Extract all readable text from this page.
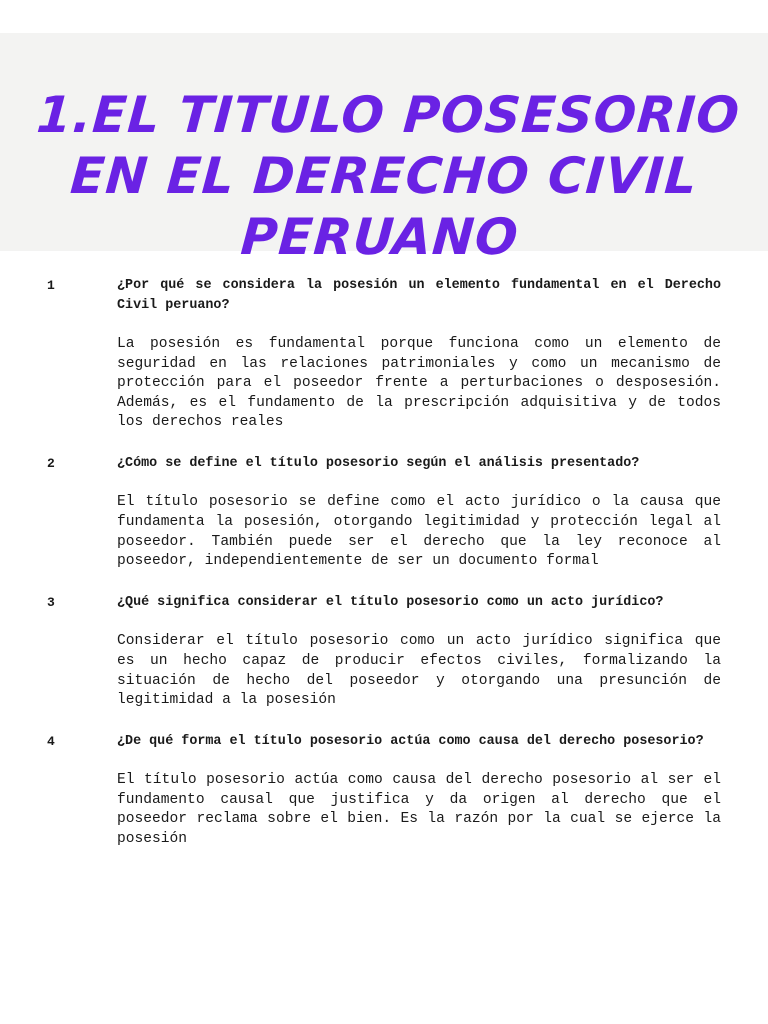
1.EL TITULO POSESORIO
EN EL DERECHO CIVIL
PERUANO
1	¿Por qué se considera la posesión un elemento fundamental en el Derecho Civil peruano?

La posesión es fundamental porque funciona como un elemento de seguridad en las relaciones patrimoniales y como un mecanismo de protección para el poseedor frente a perturbaciones o desposesión. Además, es el fundamento de la prescripción adquisitiva y de todos los derechos reales

2	¿Cómo se define el título posesorio según el análisis presentado?

El título posesorio se define como el acto jurídico o la causa que fundamenta la posesión, otorgando legitimidad y protección legal al poseedor. También puede ser el derecho que la ley reconoce al poseedor, independientemente de ser un documento formal

3	¿Qué significa considerar el título posesorio como un acto jurídico?

Considerar el título posesorio como un acto jurídico significa que es un hecho capaz de producir efectos civiles, formalizando la situación de hecho del poseedor y otorgando una presunción de legitimidad a la posesión

4	¿De qué forma el título posesorio actúa como causa del derecho posesorio?

El título posesorio actúa como causa del derecho posesorio al ser el fundamento causal que justifica y da origen al derecho que el poseedor reclama sobre el bien. Es la razón por la cual se ejerce la posesión
